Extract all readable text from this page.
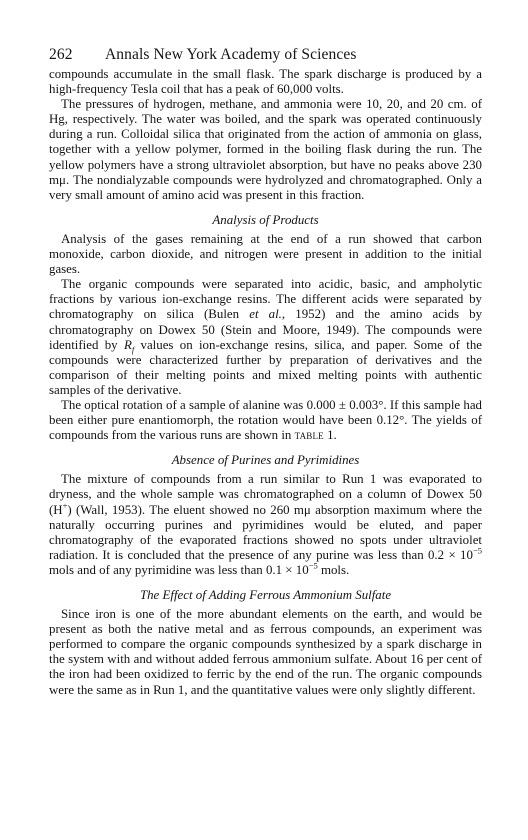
262	Annals New York Academy of Sciences

compounds accumulate in the small flask. The spark discharge is produced by a high-frequency Tesla coil that has a peak of 60,000 volts.

The pressures of hydrogen, methane, and ammonia were 10, 20, and 20 cm. of Hg, respectively. The water was boiled, and the spark was operated continuously during a run. Colloidal silica that originated from the action of ammonia on glass, together with a yellow polymer, formed in the boiling flask during the run. The yellow polymers have a strong ultraviolet absorption, but have no peaks above 230 mμ. The nondialyzable compounds were hydrolyzed and chromatographed. Only a very small amount of amino acid was present in this fraction.

Analysis of Products

Analysis of the gases remaining at the end of a run showed that carbon monoxide, carbon dioxide, and nitrogen were present in addition to the initial gases.

The organic compounds were separated into acidic, basic, and ampholytic fractions by various ion-exchange resins. The different acids were separated by chromatography on silica (Bulen et al., 1952) and the amino acids by chromatography on Dowex 50 (Stein and Moore, 1949). The compounds were identified by $R_f$ values on ion-exchange resins, silica, and paper. Some of the compounds were characterized further by preparation of derivatives and the comparison of their melting points and mixed melting points with authentic samples of the derivative.

The optical rotation of a sample of alanine was 0.000 ± 0.003°. If this sample had been either pure enantiomorph, the rotation would have been 0.12°. The yields of compounds from the various runs are shown in table 1.

Absence of Purines and Pyrimidines

The mixture of compounds from a run similar to Run 1 was evaporated to dryness, and the whole sample was chromatographed on a column of Dowex 50 (H+) (Wall, 1953). The eluent showed no 260 mμ absorption maximum where the naturally occurring purines and pyrimidines would be eluted, and paper chromatography of the evaporated fractions showed no spots under ultraviolet radiation. It is concluded that the presence of any purine was less than $0.2 \times 10^{-5}$ mols and of any pyrimidine was less than $0.1 \times 10^{-5}$ mols.

The Effect of Adding Ferrous Ammonium Sulfate

Since iron is one of the more abundant elements on the earth, and would be present as both the native metal and as ferrous compounds, an experiment was performed to compare the organic compounds synthesized by a spark discharge in the system with and without added ferrous ammonium sulfate. About 16 per cent of the iron had been oxidized to ferric by the end of the run. The organic compounds were the same as in Run 1, and the quantitative values were only slightly different.
